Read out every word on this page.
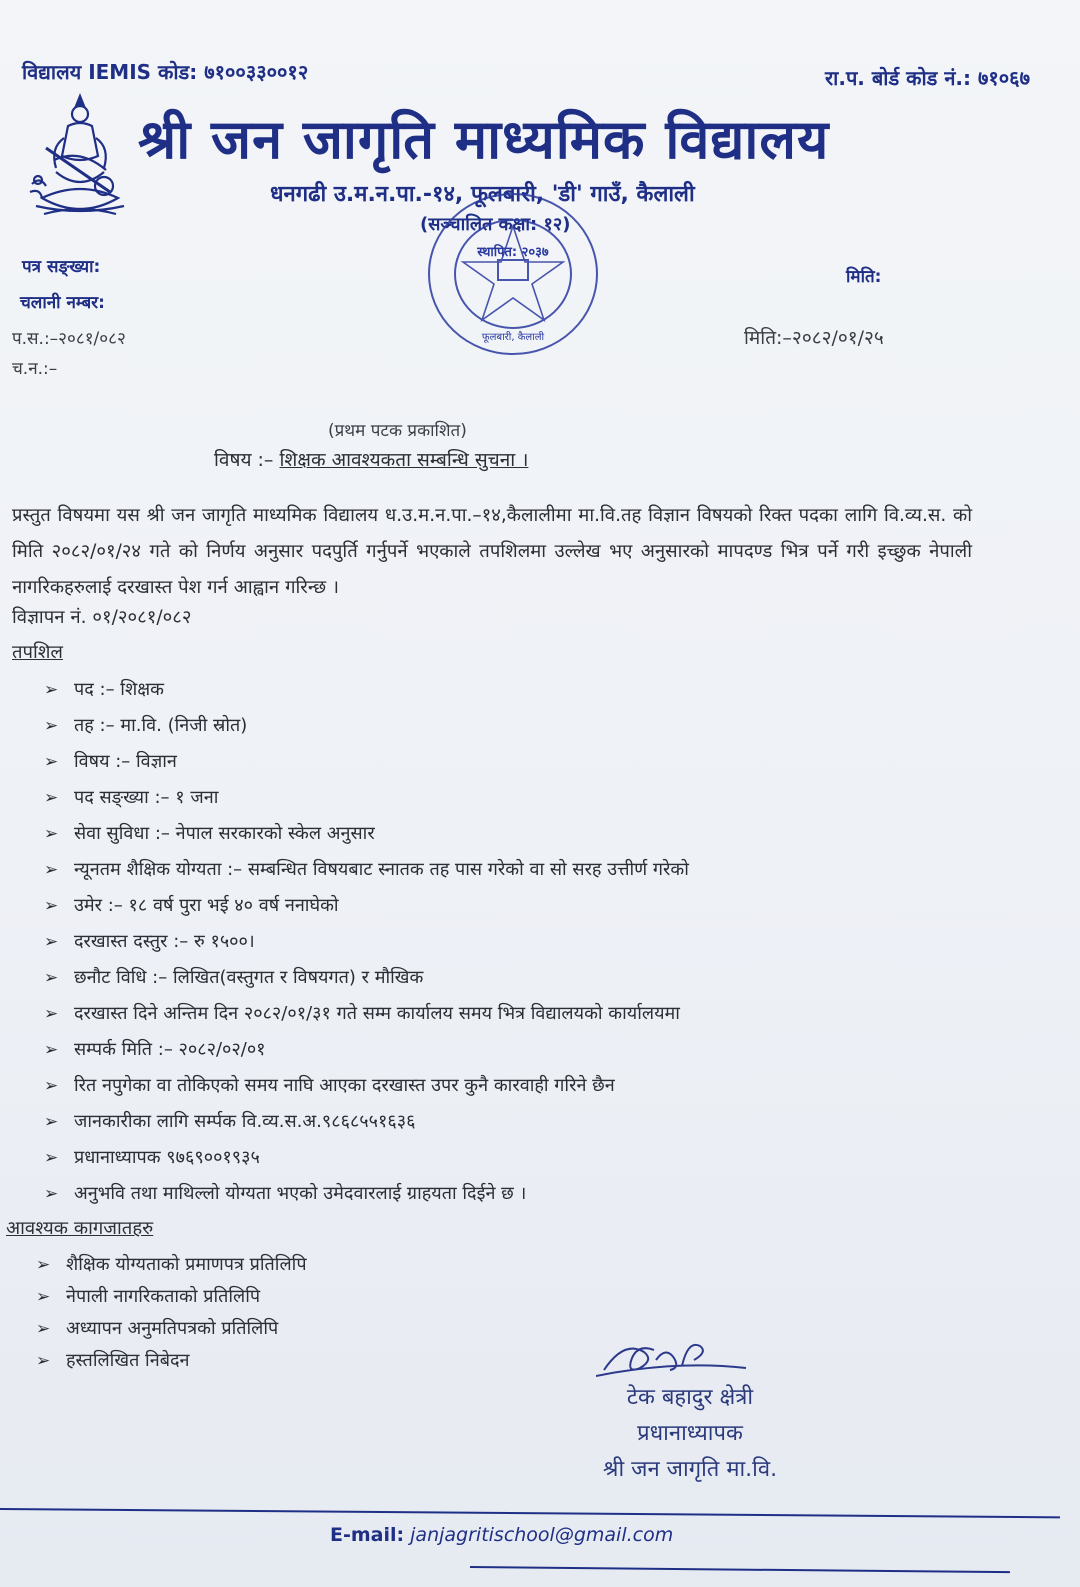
विद्यालय IEMIS कोड: ७१००३३००१२	रा.प. बोर्ड कोड नं.: ७१०६७
श्री जन जागृति माध्यमिक विद्यालय
धनगढी उ.म.न.पा.-१४, फूलबारी, 'डी' गाउँ, कैलाली
(सञ्चालित कक्षा: १२)
पत्र सङ्ख्या:
चलानी नम्बर:
मिति:
स्थापित: २०३७
फूलबारी, कैलाली
प.स.:–२०८१/०८२
च.न.:–
मिति:–२०८२/०१/२५
(प्रथम पटक प्रकाशित)
विषय :– शिक्षक आवश्यकता सम्बन्धि सुचना ।
प्रस्तुत विषयमा यस श्री जन जागृति माध्यमिक विद्यालय ध.उ.म.न.पा.–१४,कैलालीमा मा.वि.तह विज्ञान विषयको रिक्त पदका लागि वि.व्य.स. को मिति २०८२/०१/२४ गते को निर्णय अनुसार पदपुर्ति गर्नुपर्ने भएकाले तपशिलमा उल्लेख भए अनुसारको मापदण्ड भित्र पर्ने गरी इच्छुक नेपाली नागरिकहरुलाई दरखास्त पेश गर्न आह्वान गरिन्छ ।
विज्ञापन नं. ०१/२०८१/०८२
तपशिल
➢ पद :– शिक्षक
➢ तह :– मा.वि. (निजी स्रोत)
➢ विषय :– विज्ञान
➢ पद सङ्ख्या :– १ जना
➢ सेवा सुविधा :– नेपाल सरकारको स्केल अनुसार
➢ न्यूनतम शैक्षिक योग्यता :– सम्बन्धित विषयबाट स्नातक तह पास गरेको वा सो सरह उत्तीर्ण गरेको
➢ उमेर :– १८ वर्ष पुरा भई ४० वर्ष ननाघेको
➢ दरखास्त दस्तुर :– रु १५००।
➢ छनौट विधि :– लिखित(वस्तुगत र विषयगत) र मौखिक
➢ दरखास्त दिने अन्तिम दिन २०८२/०१/३१ गते सम्म कार्यालय समय भित्र विद्यालयको कार्यालयमा
➢ सम्पर्क मिति :– २०८२/०२/०१
➢ रित नपुगेका वा तोकिएको समय नाघि आएका दरखास्त उपर कुनै कारवाही गरिने छैन
➢ जानकारीका लागि सर्म्पक वि.व्य.स.अ.९८६८५५१६३६
➢ प्रधानाध्यापक ९७६९००१९३५
➢ अनुभवि तथा माथिल्लो योग्यता भएको उमेदवारलाई ग्राहयता दिईने छ ।
आवश्यक कागजातहरु
➢ शैक्षिक योग्यताको प्रमाणपत्र प्रतिलिपि
➢ नेपाली नागरिकताको प्रतिलिपि
➢ अध्यापन अनुमतिपत्रको प्रतिलिपि
➢ हस्तलिखित निबेदन
टेक बहादुर क्षेत्री
प्रधानाध्यापक
श्री जन जागृति मा.वि.
E-mail: janjagritischool@gmail.com
